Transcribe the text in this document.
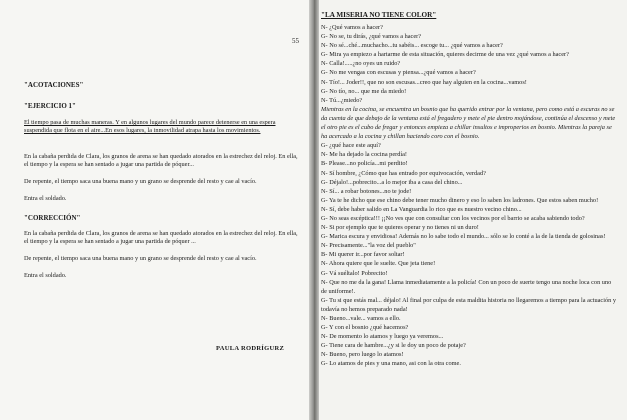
55

"ACOTACIONES"

"EJERCICIO 1"

El tiempo pasa de muchas maneras. Y en algunos lugares del mundo parece detenerse en una espera suspendida que flota en el aire...En esos lugares, la inmovilidad atrapa hasta los movimientos.

En la cabaña perdida de Clara, los granos de arena se han quedado atorados en la estrechez del reloj. En ella, el tiempo y la espera se han sentado a jugar una partida de póquer...

De repente, el tiempo saca una buena mano y un grano se desprende del resto y cae al vacío.

Entra el soldado.

"CORRECCIÓN"

En la cabaña perdida de Clara, los granos de arena se han quedado atorados en la estrechez del reloj. En ella, el tiempo y la espera se han sentado a jugar una partida de póquer ...

De repente, el tiempo saca una buena mano y un grano se desprende del resto y cae al vacío.

Entra el soldado.

PAULA RODRÍGURZ

"LA MISERIA NO TIENE COLOR"

N- ¿Qué vamos a hacer?

G- No se, tu dirás, ¿qué vamos a hacer?

N- No sé...ché...muchacho...tu sabéis... escoge tu... ¿qué vamos a hacer?

G- Mira ya empiezo a hartarme de esta situación, quieres decirme de una vez ¿qué vamos a hacer?

N- Calla!.....¿no oyes un ruido?

G- No me vengas con escusas y piensa...¿qué vamos a hacer?

N- Tío!... Joder!!, que no son escusas...creo que hay alguien en la cocina...vamos!

G- No tío, no... que me da miedo!

N- Tú...¿miedo?

Mientras en la cocina, se encuentra un bosnio que ha querido entrar por la ventana, pero como está a escuras no se da cuenta de que debajo de la ventana está el fregadero y mete el pie dentro mojándose, continúa el descenso y mete el otro pie es el cubo de fregar y entonces empieza a chillar insultos e improperios en bosnio. Mientras la pareja se ha acercado a la cocina y chillan haciendo coro con el bosnio.

G- ¿qué hace este aquí?

N- Me ha dejado la cocina perdía!

B- Please...no policía...mi perdito!

N- Sí hombre, ¿Cómo que has entrado por equivocación, verdad?

G- Déjalo!...pobrecito...a lo mejor iba a casa del chino...

N- Sí... a robar botones...no te jode!

G- Ya te he dicho que ese chino debe tener mucho dinero y eso lo saben los ladrones. Que estos saben mucho!

N- Sí, debe haber salido en La Vanguardia lo rico que es nuestro vecino chino...

G- No seas escéptica!!! ¡¡No ves que con consultar con los vecinos por el barrio se acaba sabiendo todo?

N- Si por ejemplo que te quieres operar y no tienes ni un duro!

G- Marica escura y envidiosa! Además no lo sabe todo el mundo... sólo se lo conté a la de la tienda de golosinas!

N- Precisamente..."la voz del pueblo"

B- Mi querer ir...por favor soltar!

N- Ahora quiere que le suelte. Que jeta tiene!

G- Vá suéltalo! Pobrecito!

N- Que no me da la gana! Llama inmediatamente a la policía! Con un poco de suerte tengo una noche loca con uno de uniforme!.

G- Tu si que estás mal... déjalo! Al final por culpa de esta maldita historia no llegaremos a tiempo para la actuación y todavía no hemos preparado nada!

N- Bueno...vale... vamos a ello.

G- Y con el bosnio ¿qué hacemos?

N- De momento lo atamos y luego ya veremos...

G- Tiene cara de hambre...¿y si le doy un poco de potaje?

N- Bueno, pero luego lo atamos!

G- Lo atamos de pies y una mano, asi con la otra come.
